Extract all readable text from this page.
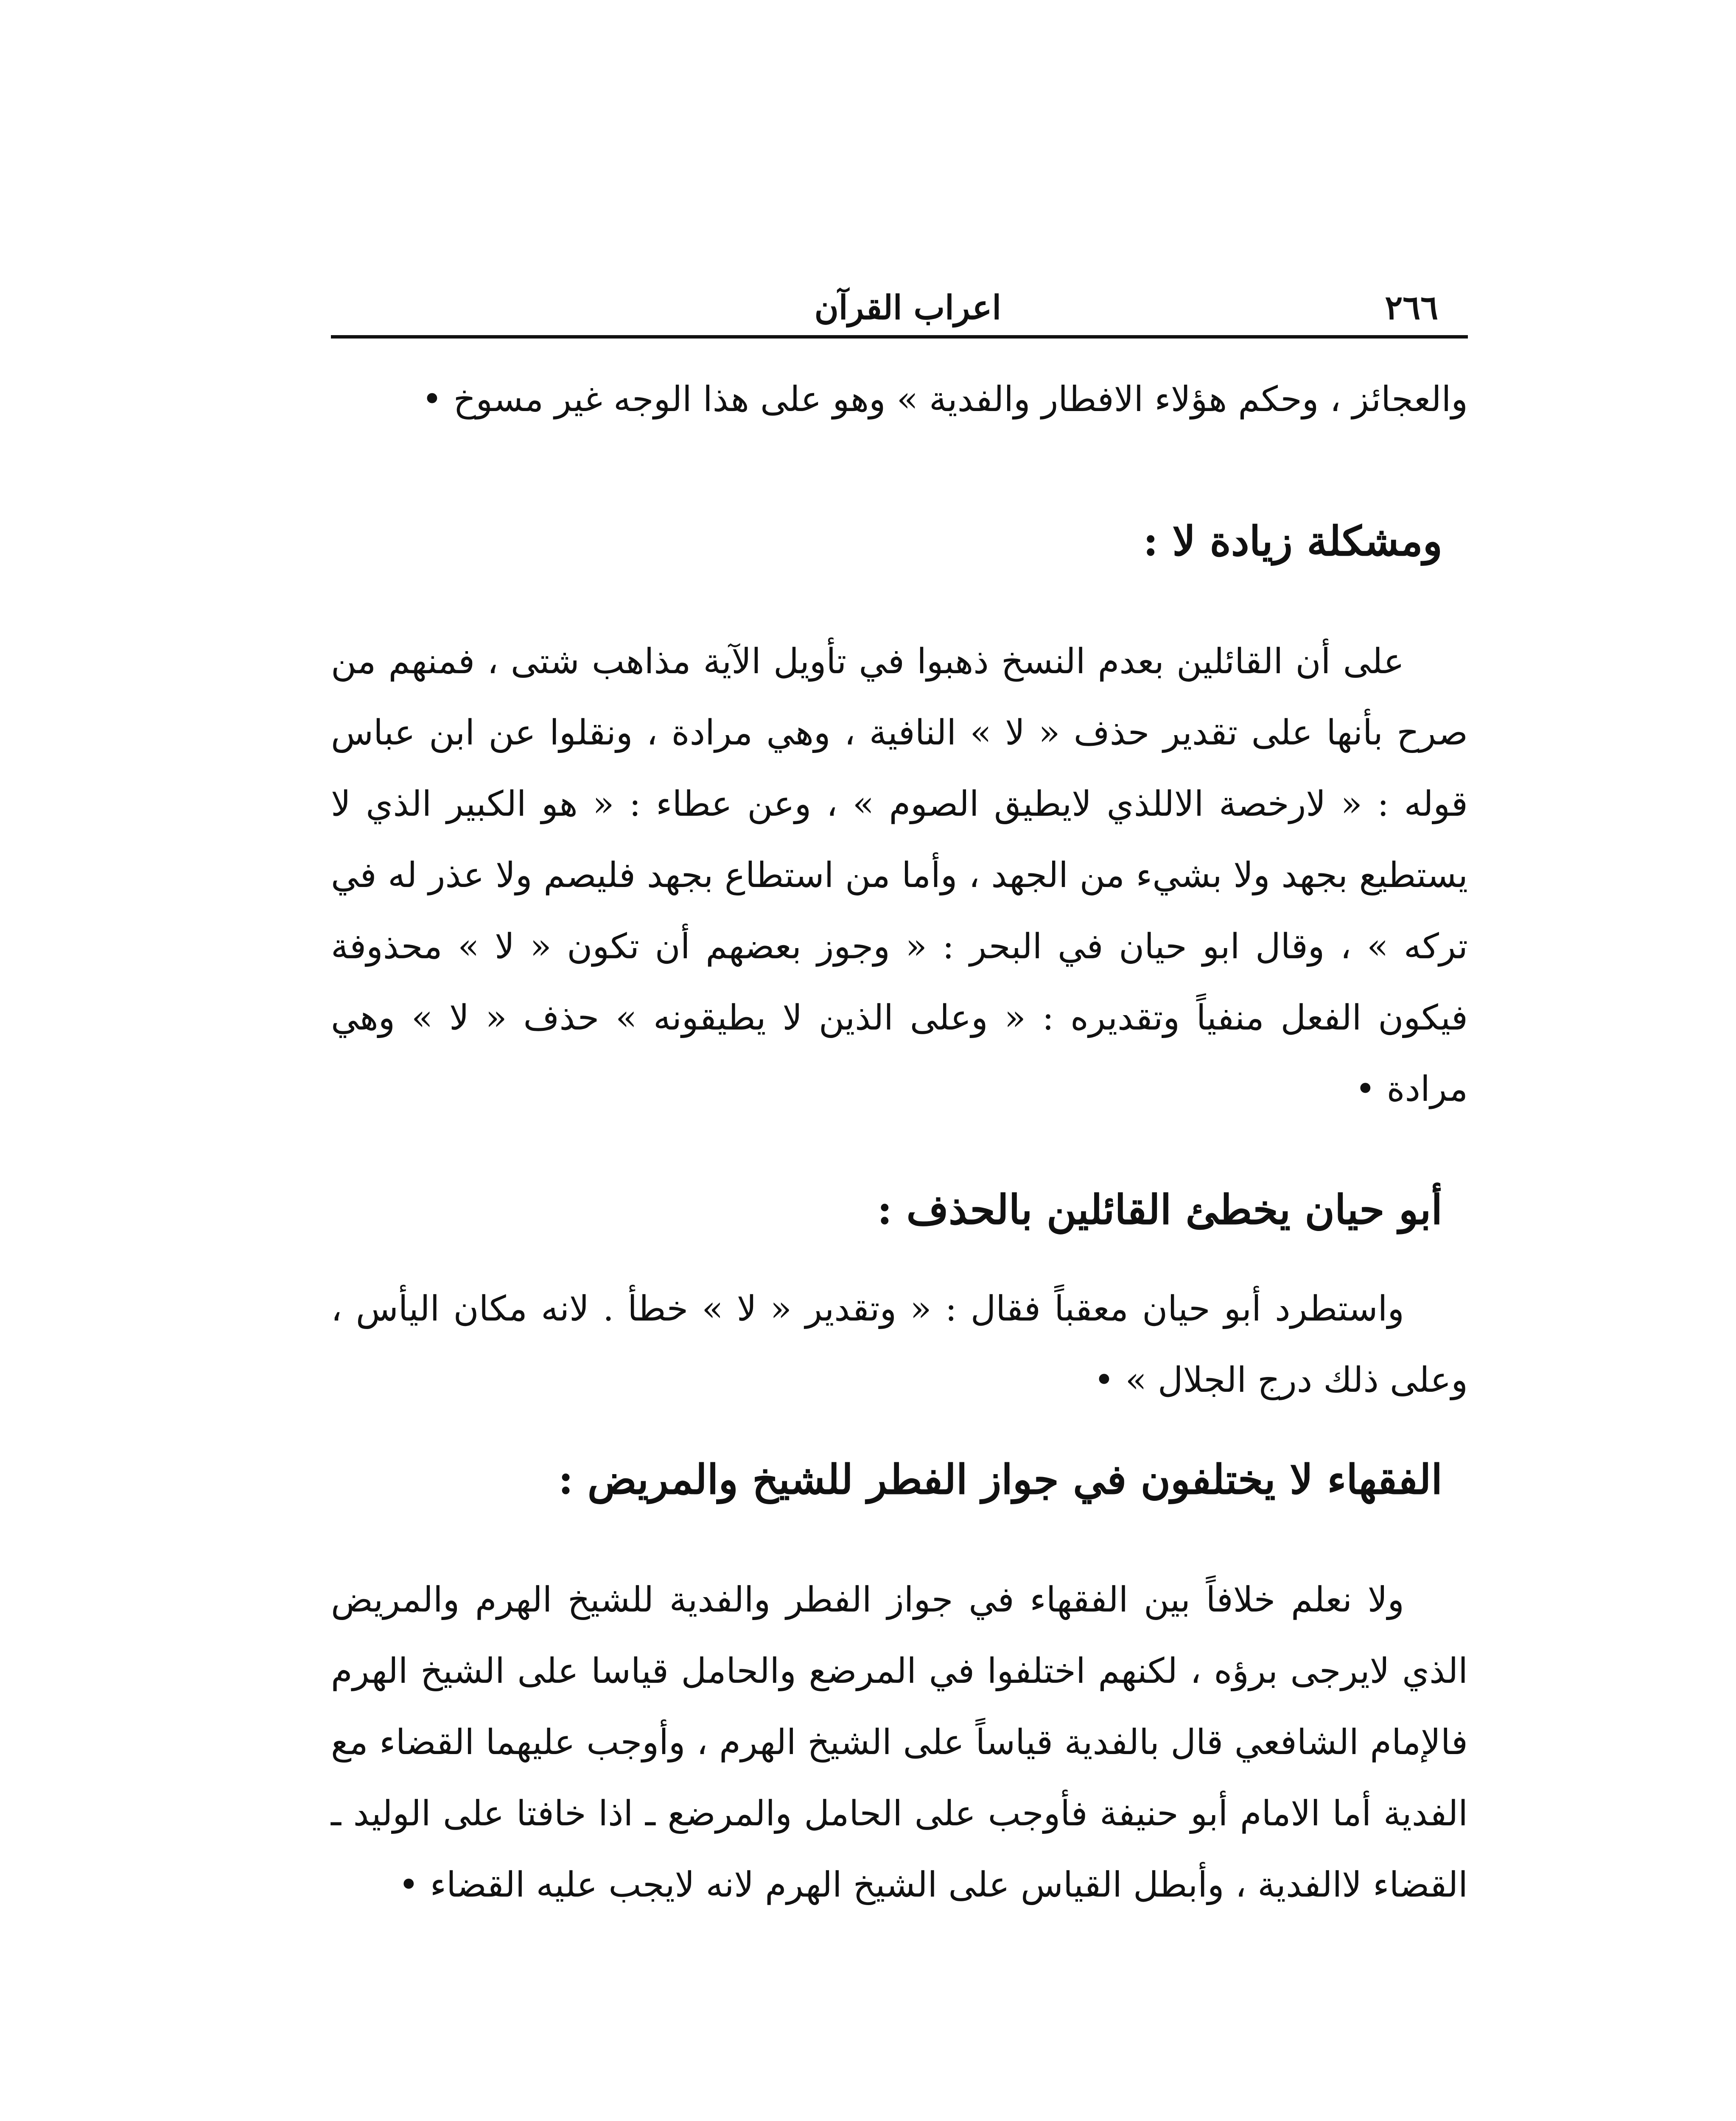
٢٦٦
اعراب القرآن

والعجائز ، وحكم هؤلاء الافطار والفدية » وهو على هذا الوجه غير مسوخ •

ومشكلة زيادة لا :

على أن القائلين بعدم النسخ ذهبوا في تأويل الآية مذاهب شتى ، فمنهم من صرح بأنها على تقدير حذف « لا » النافية ، وهي مرادة ، ونقلوا عن ابن عباس قوله : « لارخصة الاللذي لايطيق الصوم » ، وعن عطاء : « هو الكبير الذي لا يستطيع بجهد ولا بشيء من الجهد ، وأما من استطاع بجهد فليصم ولا عذر له في تركه » ، وقال ابو حيان في البحر : « وجوز بعضهم أن تكون « لا » محذوفة فيكون الفعل منفياً وتقديره : « وعلى الذين لا يطيقونه » حذف « لا » وهي مرادة •

أبو حيان يخطئ القائلين بالحذف :

واستطرد أبو حيان معقباً فقال : « وتقدير « لا » خطأ . لانه مكان اليأس ، وعلى ذلك درج الجلال » •

الفقهاء لا يختلفون في جواز الفطر للشيخ والمريض :

ولا نعلم خلافاً بين الفقهاء في جواز الفطر والفدية للشيخ الهرم والمريض الذي لايرجى برؤه ، لكنهم اختلفوا في المرضع والحامل قياسا على الشيخ الهرم فالإمام الشافعي قال بالفدية قياساً على الشيخ الهرم ، وأوجب عليهما القضاء مع الفدية أما الامام أبو حنيفة فأوجب على الحامل والمرضع ـ اذا خافتا على الوليد ـ القضاء لاالفدية ، وأبطل القياس على الشيخ الهرم لانه لايجب عليه القضاء •
